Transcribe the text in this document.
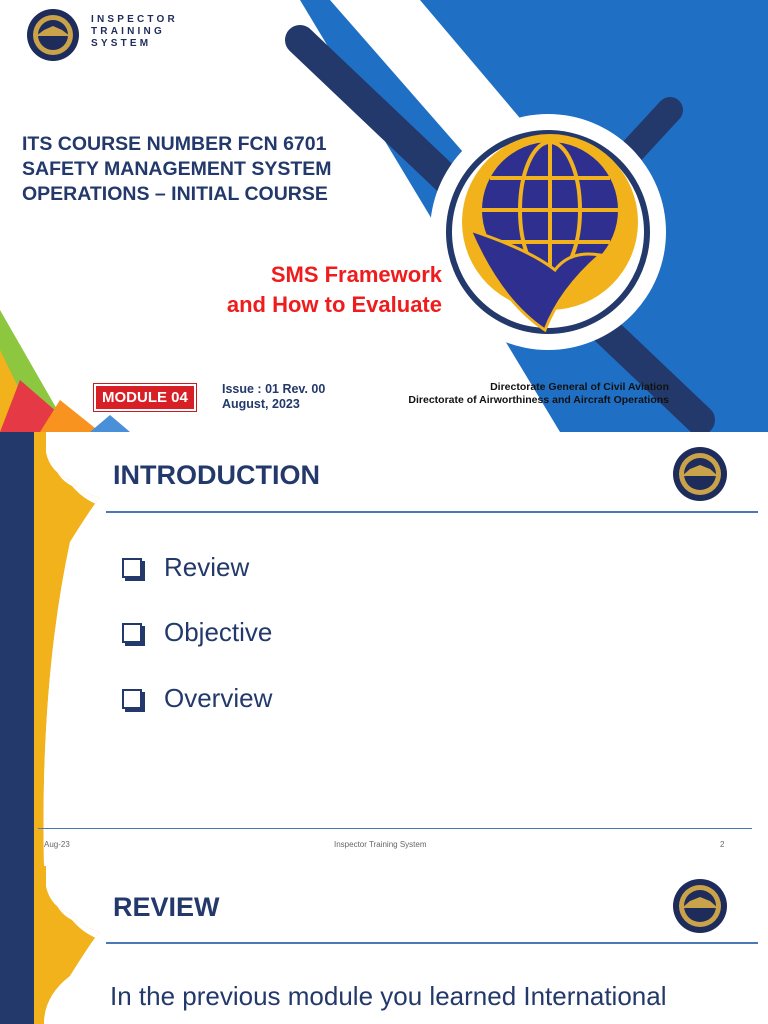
INSPECTOR
TRAINING
SYSTEM
ITS COURSE NUMBER FCN 6701
SAFETY MANAGEMENT SYSTEM
OPERATIONS – INITIAL COURSE
SMS Framework
and How to Evaluate
MODULE 04	Issue : 01 Rev. 00
August, 2023
Directorate General of Civil Aviation
Directorate of Airworthiness and Aircraft Operations
INTRODUCTION
Review
Objective
Overview
Aug-23	Inspector Training System	2
REVIEW
In the previous module you learned International
